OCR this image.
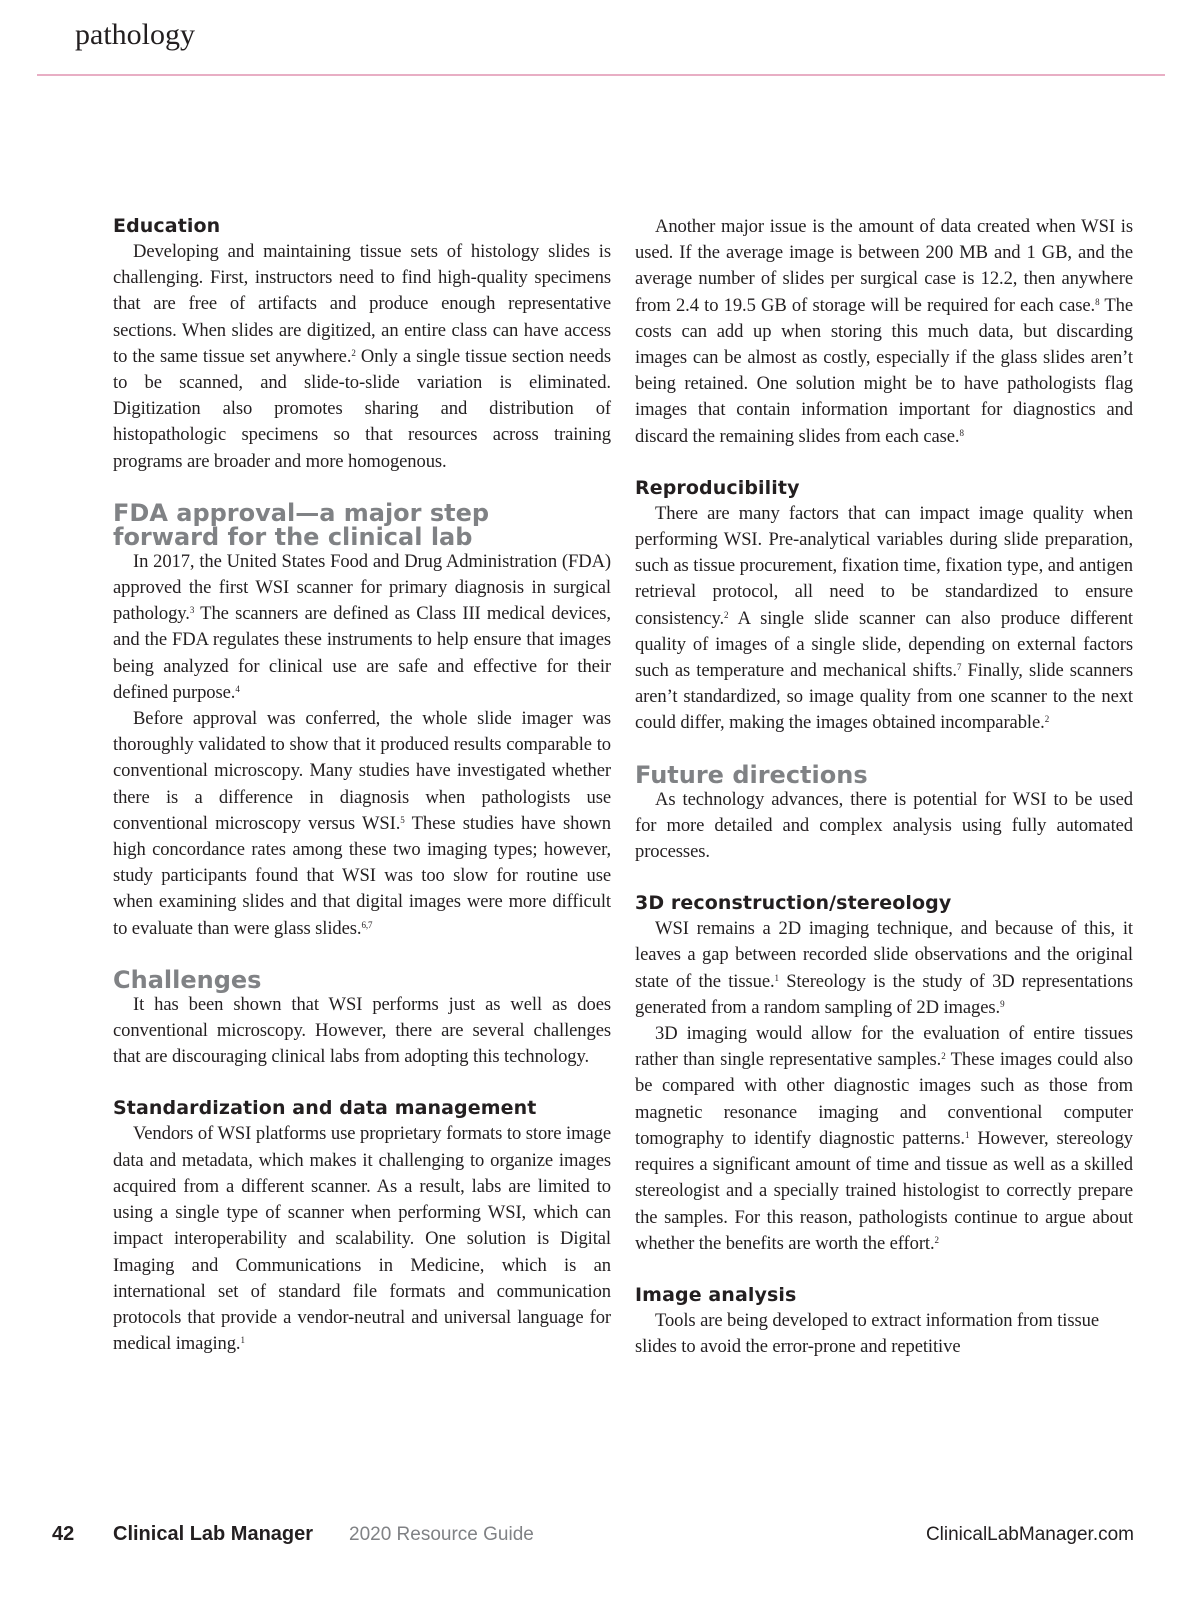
pathology
Education

Developing and maintaining tissue sets of histology slides is challenging. First, instructors need to find high-quality specimens that are free of artifacts and produce enough representative sections. When slides are digitized, an entire class can have access to the same tissue set anywhere.$^2$ Only a single tissue section needs to be scanned, and slide-to-slide variation is eliminated. Digitization also promotes sharing and distribution of histopathologic specimens so that resources across training programs are broader and more homogenous.

FDA approval—a major step
forward for the clinical lab

In 2017, the United States Food and Drug Administration (FDA) approved the first WSI scanner for primary diagnosis in surgical pathology.$^3$ The scanners are defined as Class III medical devices, and the FDA regulates these instruments to help ensure that images being analyzed for clinical use are safe and effective for their defined purpose.$^4$

Before approval was conferred, the whole slide imager was thoroughly validated to show that it produced results comparable to conventional microscopy. Many studies have investigated whether there is a difference in diagnosis when pathologists use conventional microscopy versus WSI.$^5$ These studies have shown high concordance rates among these two imaging types; however, study participants found that WSI was too slow for routine use when examining slides and that digital images were more difficult to evaluate than were glass slides.$^{6,7}$

Challenges

It has been shown that WSI performs just as well as does conventional microscopy. However, there are several challenges that are discouraging clinical labs from adopting this technology.

Standardization and data management

Vendors of WSI platforms use proprietary formats to store image data and metadata, which makes it challenging to organize images acquired from a different scanner. As a result, labs are limited to using a single type of scanner when performing WSI, which can impact interoperability and scalability. One solution is Digital Imaging and Communications in Medicine, which is an international set of standard file formats and communication protocols that provide a vendor-neutral and universal language for medical imaging.$^1$

Another major issue is the amount of data created when WSI is used. If the average image is between 200 MB and 1 GB, and the average number of slides per surgical case is 12.2, then anywhere from 2.4 to 19.5 GB of storage will be required for each case.$^8$ The costs can add up when storing this much data, but discarding images can be almost as costly, especially if the glass slides aren’t being retained. One solution might be to have pathologists flag images that contain information important for diagnostics and discard the remaining slides from each case.$^8$

Reproducibility

There are many factors that can impact image quality when performing WSI. Pre-analytical variables during slide preparation, such as tissue procurement, fixation time, fixation type, and antigen retrieval protocol, all need to be standardized to ensure consistency.$^2$ A single slide scanner can also produce different quality of images of a single slide, depending on external factors such as temperature and mechanical shifts.$^7$ Finally, slide scanners aren’t standardized, so image quality from one scanner to the next could differ, making the images obtained incomparable.$^2$

Future directions

As technology advances, there is potential for WSI to be used for more detailed and complex analysis using fully automated processes.

3D reconstruction/stereology

WSI remains a 2D imaging technique, and because of this, it leaves a gap between recorded slide observations and the original state of the tissue.$^1$ Stereology is the study of 3D representations generated from a random sampling of 2D images.$^9$

3D imaging would allow for the evaluation of entire tissues rather than single representative samples.$^2$ These images could also be compared with other diagnostic images such as those from magnetic resonance imaging and conventional computer tomography to identify diagnostic patterns.$^1$ However, stereology requires a significant amount of time and tissue as well as a skilled stereologist and a specially trained histologist to correctly prepare the samples. For this reason, pathologists continue to argue about whether the benefits are worth the effort.$^2$

Image analysis

Tools are being developed to extract information from tissue slides to avoid the error-prone and repetitive

42 Clinical Lab Manager 2020 Resource Guide	ClinicalLabManager.com
